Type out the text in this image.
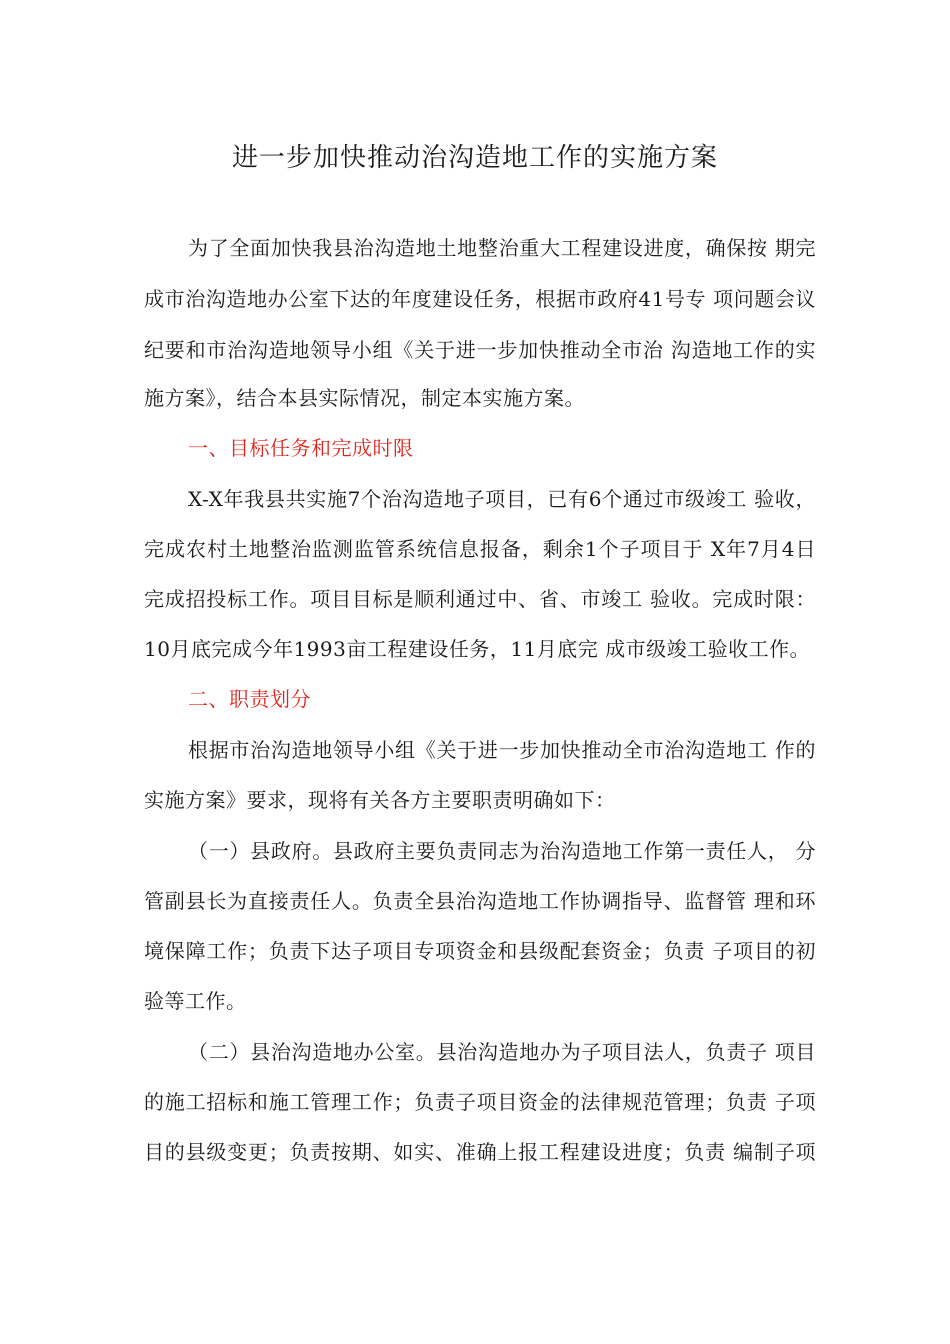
进一步加快推动治沟造地工作的实施方案
为了全面加快我县治沟造地土地整治重大工程建设进度，确保按 期完
成市治沟造地办公室下达的年度建设任务，根据市政府41号专 项问题会议
纪要和市治沟造地领导小组《关于进一步加快推动全市治 沟造地工作的实
施方案》，结合本县实际情况，制定本实施方案。
一、目标任务和完成时限
X-X年我县共实施7个治沟造地子项目，已有6个通过市级竣工 验收，
完成农村土地整治监测监管系统信息报备，剩余1个子项目于 X年7月4日
完成招投标工作。项目目标是顺利通过中、省、市竣工 验收。完成时限：
10月底完成今年1993亩工程建设任务，11月底完 成市级竣工验收工作。
二、职责划分
根据市治沟造地领导小组《关于进一步加快推动全市治沟造地工 作的
实施方案》要求，现将有关各方主要职责明确如下：
（一）县政府。县政府主要负责同志为治沟造地工作第一责任人， 分
管副县长为直接责任人。负责全县治沟造地工作协调指导、监督管 理和环
境保障工作；负责下达子项目专项资金和县级配套资金；负责 子项目的初
验等工作。
（二）县治沟造地办公室。县治沟造地办为子项目法人，负责子 项目
的施工招标和施工管理工作；负责子项目资金的法律规范管理；负责 子项
目的县级变更；负责按期、如实、准确上报工程建设进度；负责 编制子项
